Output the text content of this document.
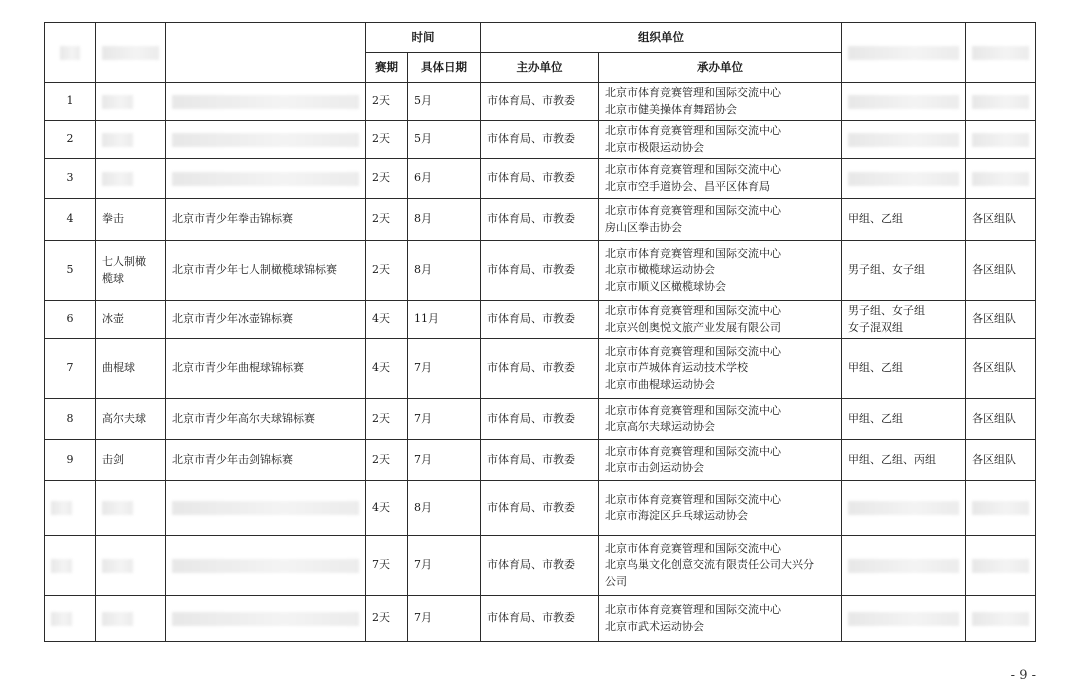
		时间		组织单位		

			赛期	具体日期	主办单位	承办单位		
1			2天	5月	市体育局、市教委	北京市体育竞赛管理和国际交流中心
北京市健美操体育舞蹈协会		

2			2天	5月	市体育局、市教委	北京市体育竞赛管理和国际交流中心
北京市极限运动协会		

3			2天	6月	市体育局、市教委	北京市体育竞赛管理和国际交流中心
北京市空手道协会、昌平区体育局		

4	拳击	北京市青少年拳击锦标赛	2天	8月	市体育局、市教委	北京市体育竞赛管理和国际交流中心
房山区拳击协会	甲组、乙组	各区组队
5	七人制橄
榄球	北京市青少年七人制橄榄球锦标赛	2天	8月	市体育局、市教委	北京市体育竞赛管理和国际交流中心
北京市橄榄球运动协会
北京市顺义区橄榄球协会	男子组、女子组	各区组队
6	冰壶	北京市青少年冰壶锦标赛	4天	11月	市体育局、市教委	北京市体育竞赛管理和国际交流中心
北京兴创奥悦文旅产业发展有限公司	男子组、女子组
女子混双组	各区组队
7	曲棍球	北京市青少年曲棍球锦标赛	4天	7月	市体育局、市教委	北京市体育竞赛管理和国际交流中心
北京市芦城体育运动技术学校
北京市曲棍球运动协会	甲组、乙组	各区组队
8	高尔夫球	北京市青少年高尔夫球锦标赛	2天	7月	市体育局、市教委	北京市体育竞赛管理和国际交流中心
北京高尔夫球运动协会	甲组、乙组	各区组队
9	击剑	北京市青少年击剑锦标赛	2天	7月	市体育局、市教委	北京市体育竞赛管理和国际交流中心
北京市击剑运动协会	甲组、乙组、丙组	各区组队

	4天	8月	市体育局、市教委	北京市体育竞赛管理和国际交流中心
北京市海淀区乒乓球运动协会		

	7天	7月	市体育局、市教委	北京市体育竞赛管理和国际交流中心
北京鸟巢文化创意交流有限责任公司大兴分
公司		

	2天	7月	市体育局、市教委	北京市体育竞赛管理和国际交流中心
北京市武术运动协会		

- 9 -
